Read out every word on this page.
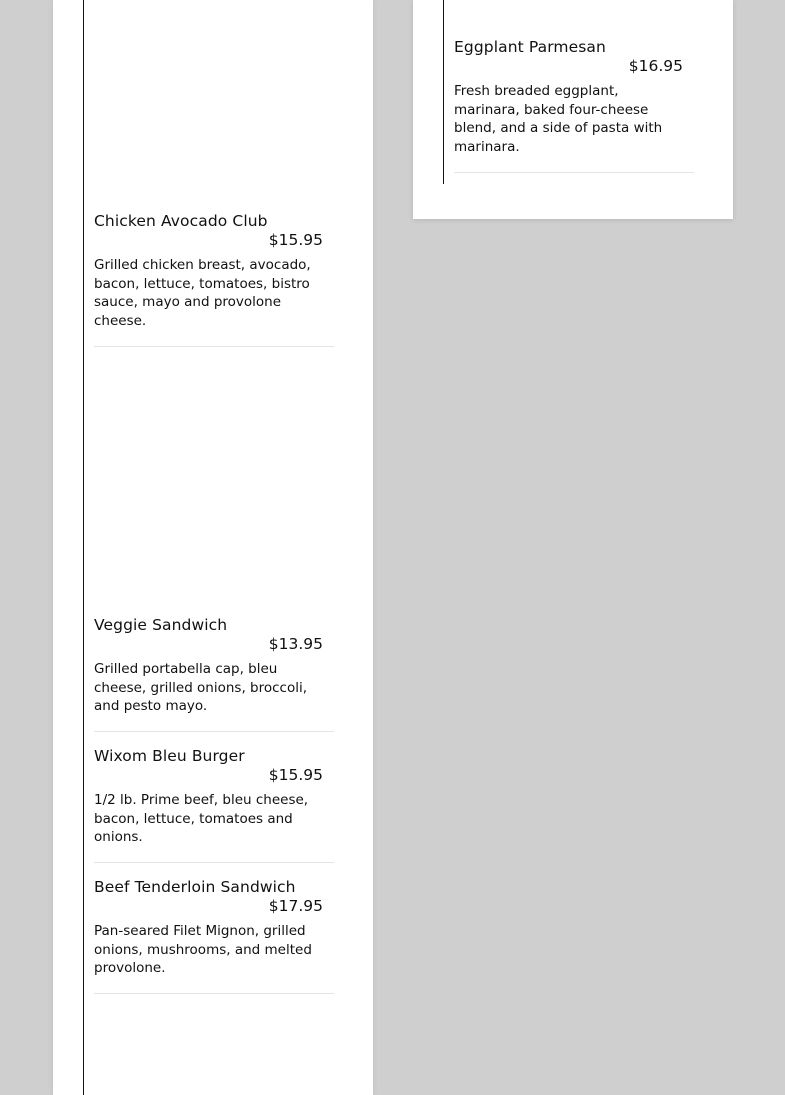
Chicken Avocado Club
$15.95
Grilled chicken breast, avocado, bacon, lettuce, tomatoes, bistro sauce, mayo and provolone cheese.
Veggie Sandwich
$13.95
Grilled portabella cap, bleu cheese, grilled onions, broccoli, and pesto mayo.
Wixom Bleu Burger
$15.95
1/2 lb. Prime beef, bleu cheese, bacon, lettuce, tomatoes and onions.
Beef Tenderloin Sandwich
$17.95
Pan-seared Filet Mignon, grilled onions, mushrooms, and melted provolone.
Eggplant Parmesan
$16.95
Fresh breaded eggplant, marinara, baked four-cheese blend, and a side of pasta with marinara.
